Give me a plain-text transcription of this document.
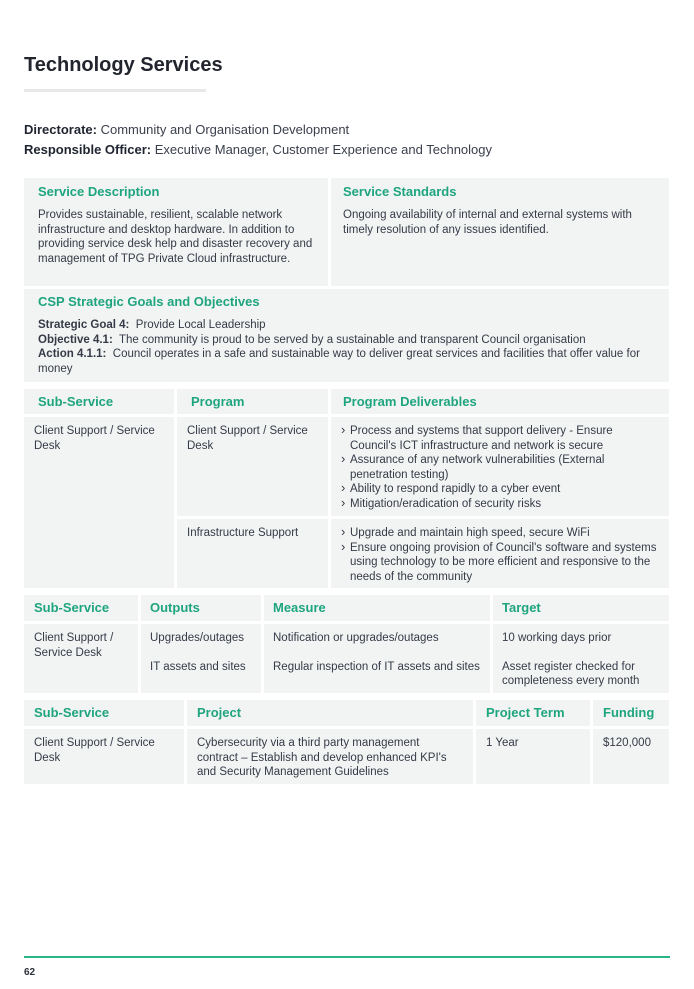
Technology Services
Directorate: Community and Organisation Development
Responsible Officer: Executive Manager, Customer Experience and Technology
Service Description
Provides sustainable, resilient, scalable network infrastructure and desktop hardware. In addition to providing service desk help and disaster recovery and management of TPG Private Cloud infrastructure.
Service Standards
Ongoing availability of internal and external systems with timely resolution of any issues identified.
CSP Strategic Goals and Objectives
Strategic Goal 4: Provide Local Leadership
Objective 4.1: The community is proud to be served by a sustainable and transparent Council organisation
Action 4.1.1: Council operates in a safe and sustainable way to deliver great services and facilities that offer value for money
Sub-Service	Program	Program Deliverables
Client Support / Service Desk
Client Support / Service Desk
› Process and systems that support delivery - Ensure Council's ICT infrastructure and network is secure
› Assurance of any network vulnerabilities (External penetration testing)
› Ability to respond rapidly to a cyber event
› Mitigation/eradication of security risks
Infrastructure Support
›	Upgrade and maintain high speed, secure WiFi
› Ensure ongoing provision of Council's software and systems using technology to be more efficient and responsive to the needs of the community
Sub-Service	Outputs	Measure	Target
Client Support / Service Desk
Upgrades/outages
IT assets and sites
Notification or upgrades/outages
Regular inspection of IT assets and sites
10 working days prior
Asset register checked for completeness every month
Sub-Service	Project	Project Term	Funding
Client Support / Service Desk
Cybersecurity via a third party management contract – Establish and develop enhanced KPI's and Security Management Guidelines
1 Year	$120,000
62
